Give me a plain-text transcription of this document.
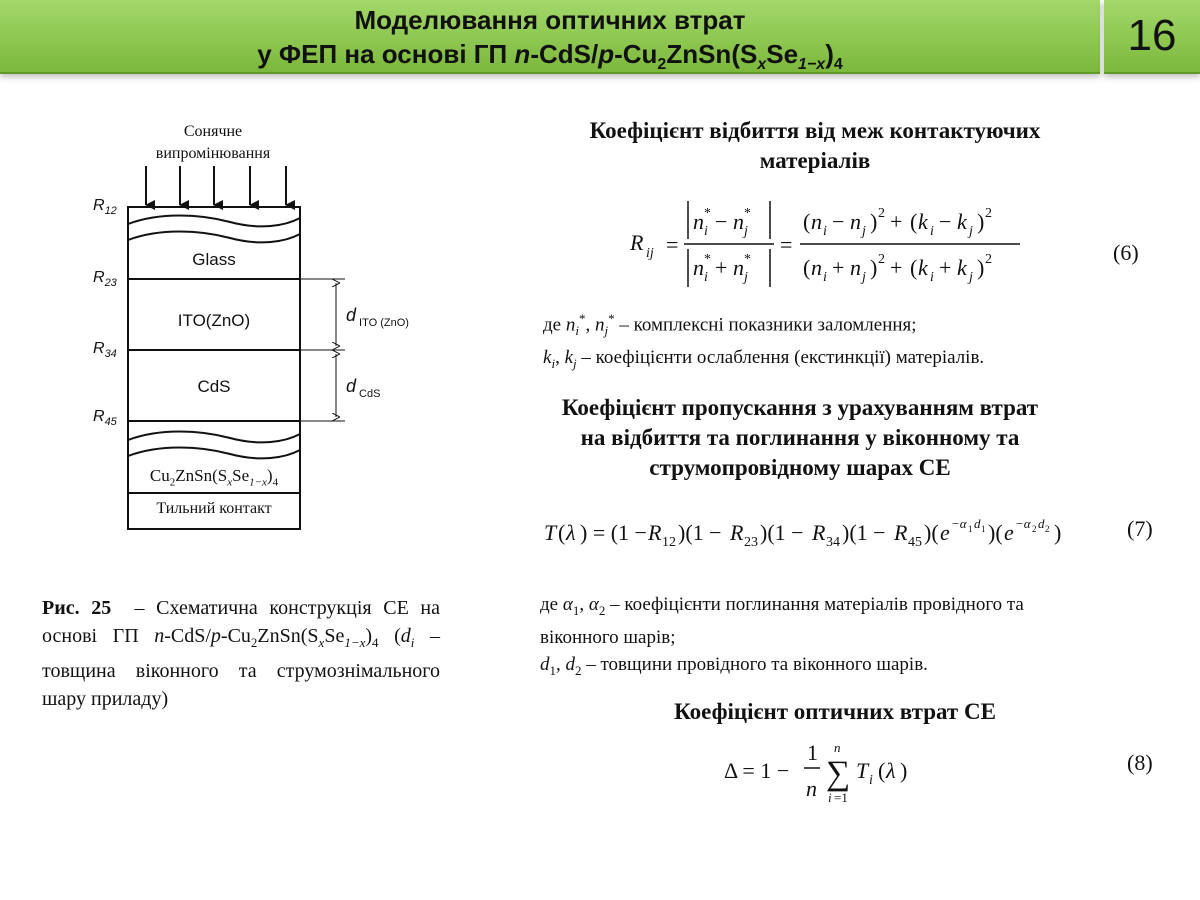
Моделювання оптичних втрат
у ФЕП на основі ГП $n-CdS/p-Cu_2ZnSn(S_xSe_{1-x})_4$
16
Сонячне
випромінювання
$R_{12}$
$R_{23}$
$R_{34}$
$R_{45}$
Glass
ITO(ZnO)
CdS
$Cu_2ZnSn(S_xSe_{1-x})_4$
Тильний контакт
d $_{ITO (ZnO)}$
d $_{CdS}$
Рис. 25 – Схематична конструкція СЕ на основі ГП $n-CdS/p-Cu_2ZnSn(S_xSe_{1-x})_4$ ($d_i$ – товщина віконного та струмознімального шару приладу)
Коефіцієнт відбиття від меж контактуючих
матеріалів
R ij =
n i
* − n j
*
n i
* + n j
*
=
( n i − n j ) 2 + ( k i − k j ) 2
( n i + n j ) 2 + ( k i + k j ) 2	(6)
де $n_i^*$, $n_j^*$ – комплексні показники заломлення;
$k_i$, $k_j$ – коефіцієнти ослаблення (екстинкції) матеріалів.
Коефіцієнт пропускання з урахуванням втрат
на відбиття та поглинання у віконному та
струмопровідному шарах СЕ
T ( λ ) = (1 − R 12 )(1 − R 23 )(1 − R 34 )(1 − R 45 )( e −α 1 d 1 )( e −α 2 d 2 )	(7)
де $\alpha_1$, $\alpha_2$ – коефіцієнти поглинання матеріалів провідного та
віконного шарів;
$d_1$, $d_2$ – товщини провідного та віконного шарів.
Коефіцієнт оптичних втрат СЕ
Δ = 1 −
1
n
n
∑
i =1
T i ( λ )	(8)
